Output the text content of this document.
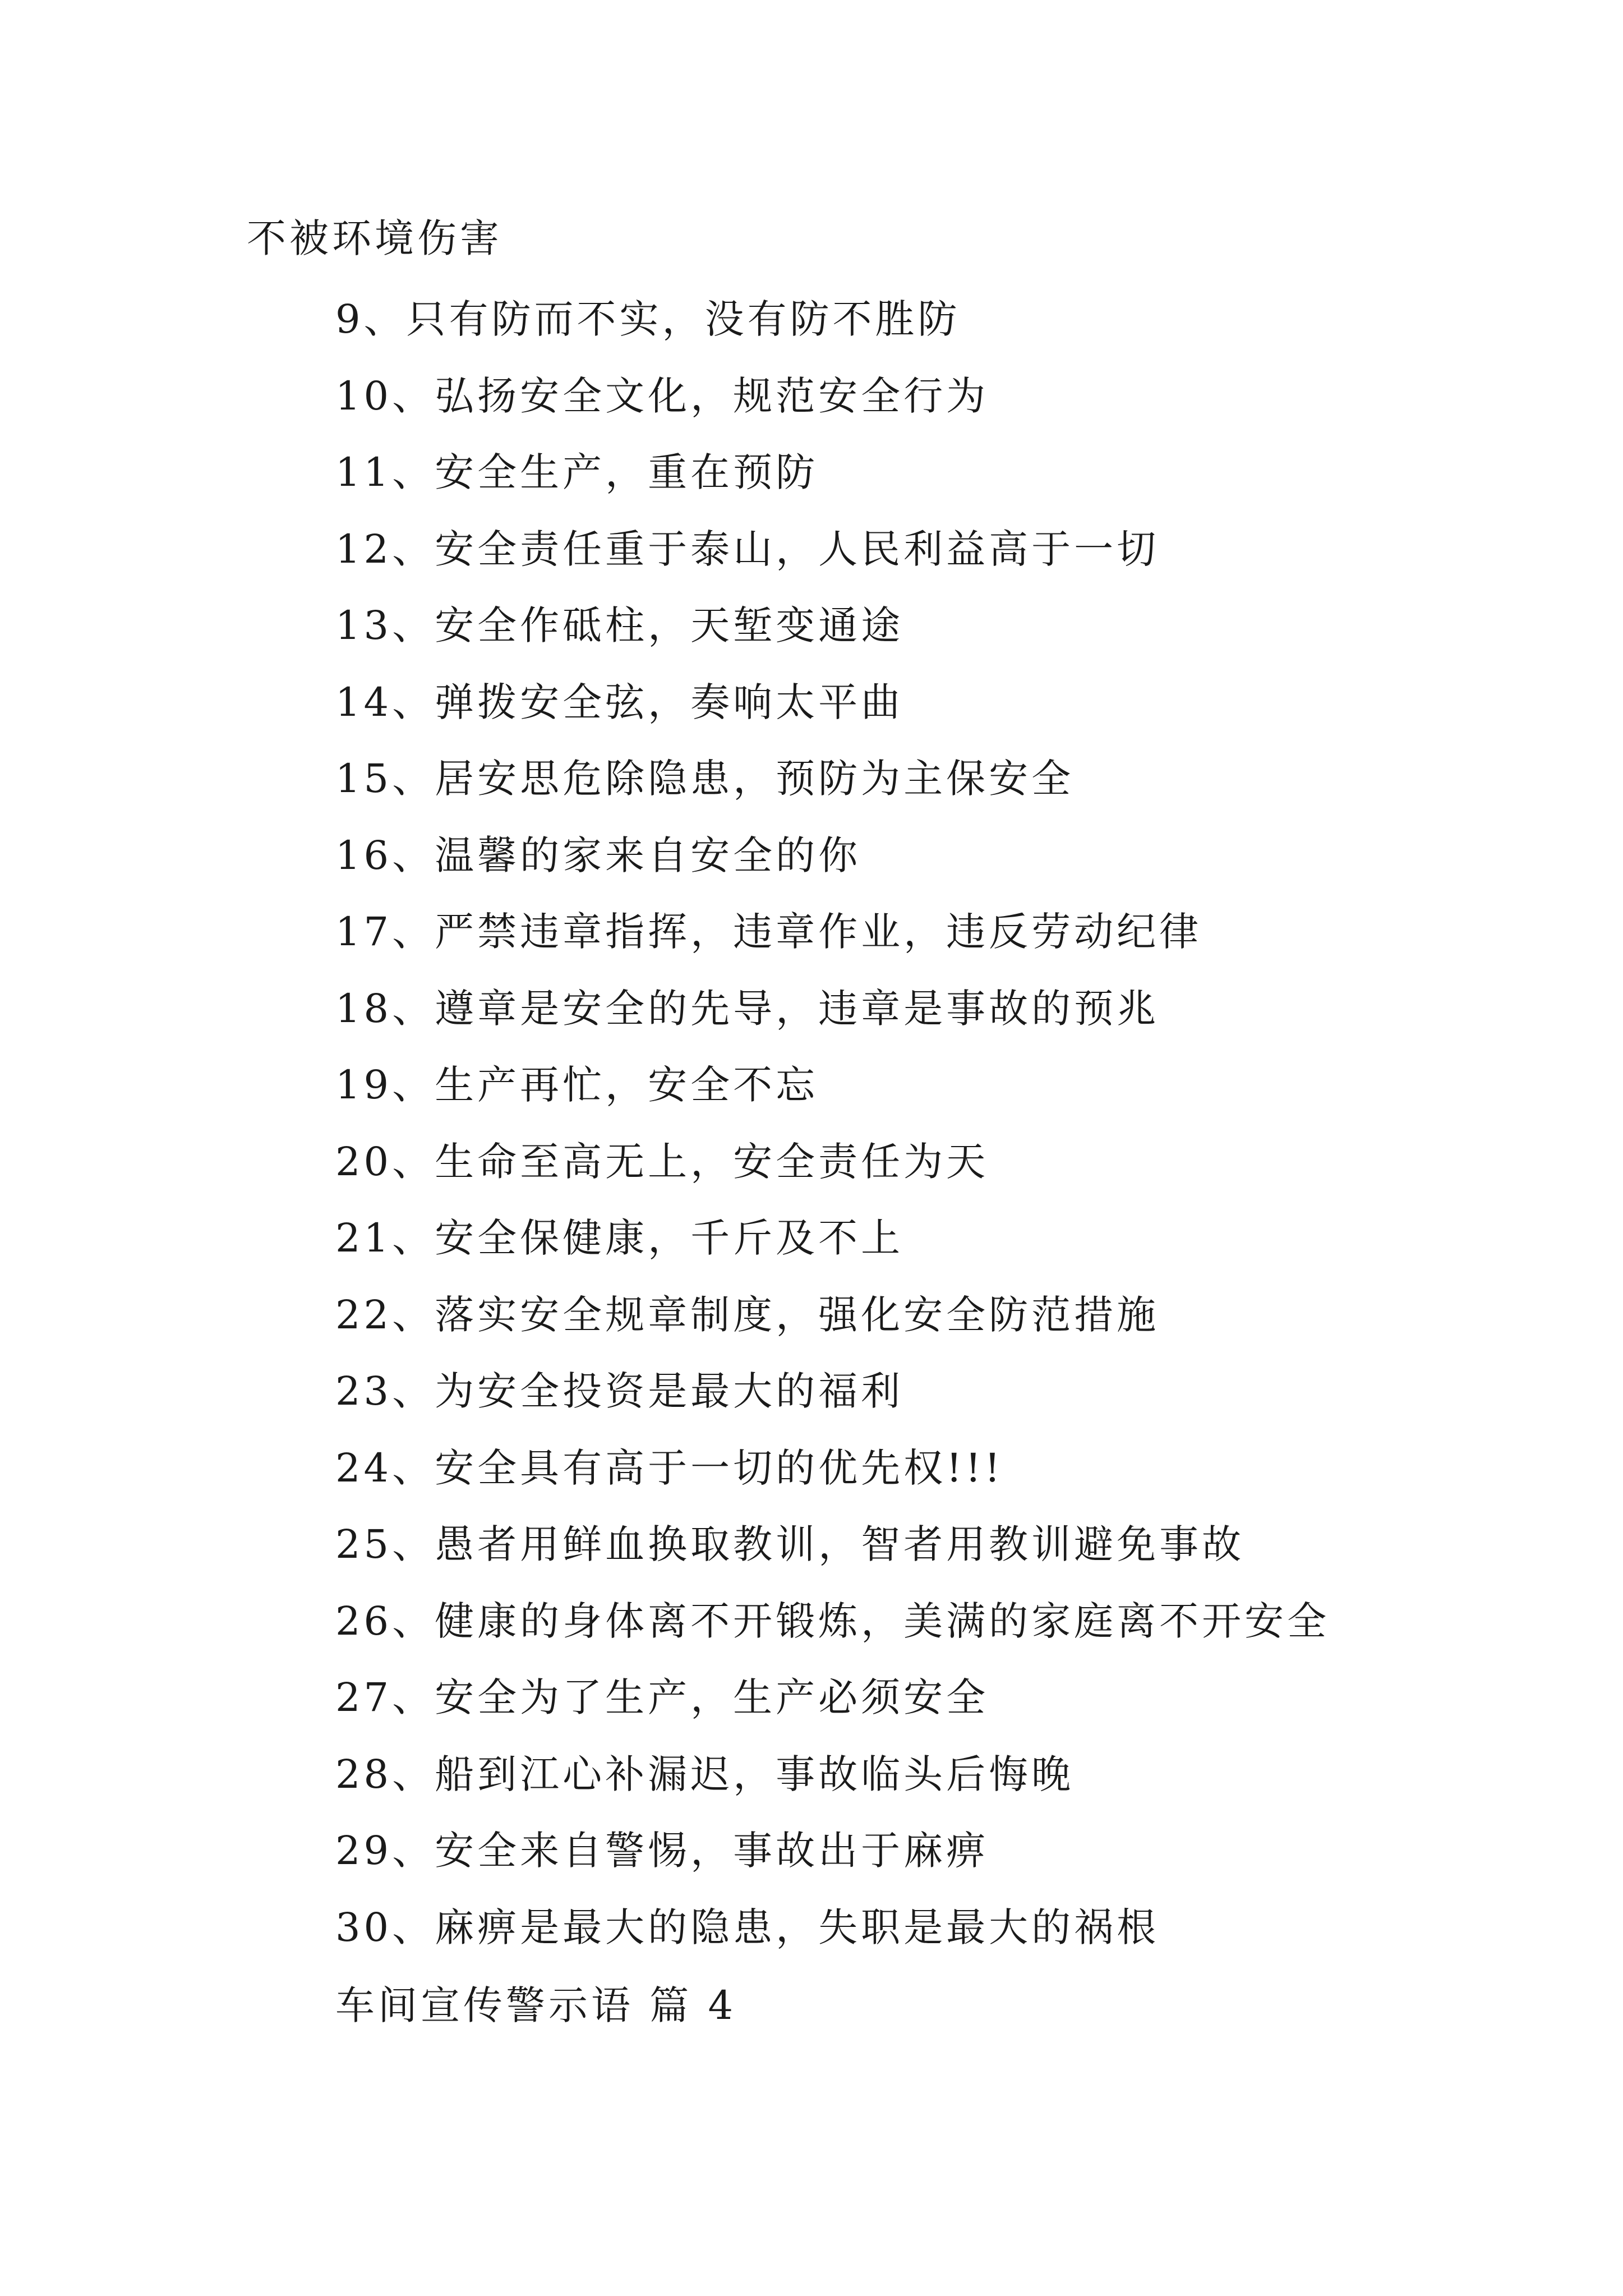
不被环境伤害
9、只有防而不实，没有防不胜防
10、弘扬安全文化，规范安全行为
11、安全生产，重在预防
12、安全责任重于泰山，人民利益高于一切
13、安全作砥柱，天堑变通途
14、弹拨安全弦，奏响太平曲
15、居安思危除隐患，预防为主保安全
16、温馨的家来自安全的你
17、严禁违章指挥，违章作业，违反劳动纪律
18、遵章是安全的先导，违章是事故的预兆
19、生产再忙，安全不忘
20、生命至高无上，安全责任为天
21、安全保健康，千斤及不上
22、落实安全规章制度，强化安全防范措施
23、为安全投资是最大的福利
24、安全具有高于一切的优先权!!!
25、愚者用鲜血换取教训，智者用教训避免事故
26、健康的身体离不开锻炼，美满的家庭离不开安全
27、安全为了生产，生产必须安全
28、船到江心补漏迟，事故临头后悔晚
29、安全来自警惕，事故出于麻痹
30、麻痹是最大的隐患，失职是最大的祸根
车间宣传警示语 篇 4
